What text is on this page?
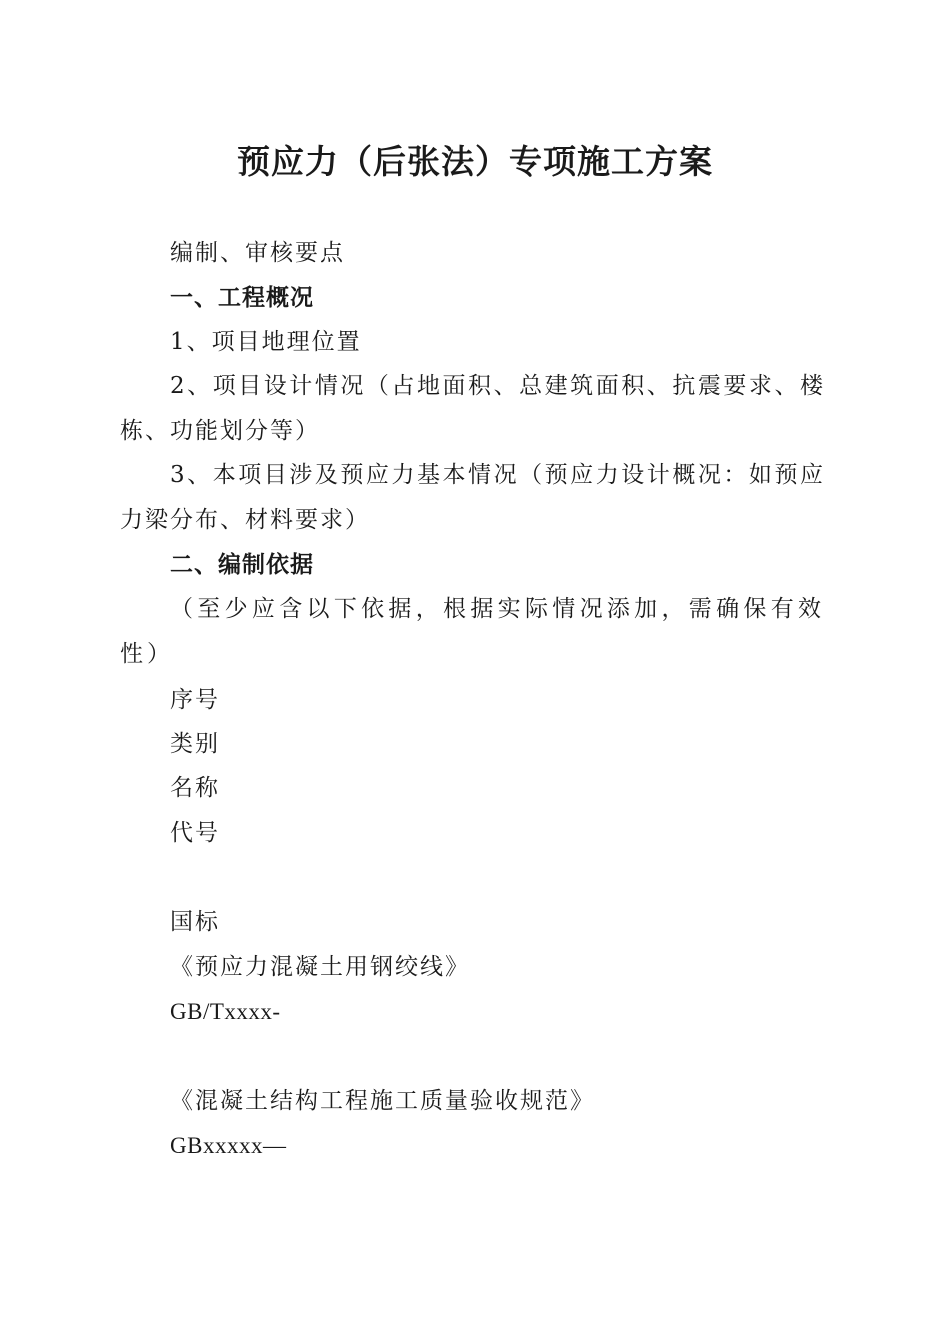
预应力（后张法）专项施工方案
编制、审核要点
一、工程概况
1、项目地理位置
2、项目设计情况（占地面积、总建筑面积、抗震要求、楼栋、功能划分等）
3、本项目涉及预应力基本情况（预应力设计概况：如预应力梁分布、材料要求）
二、编制依据
（至少应含以下依据，根据实际情况添加，需确保有效性）
序号
类别
名称
代号
国标
《预应力混凝土用钢绞线》
GB/Txxxx-
《混凝土结构工程施工质量验收规范》
GBxxxxx—
